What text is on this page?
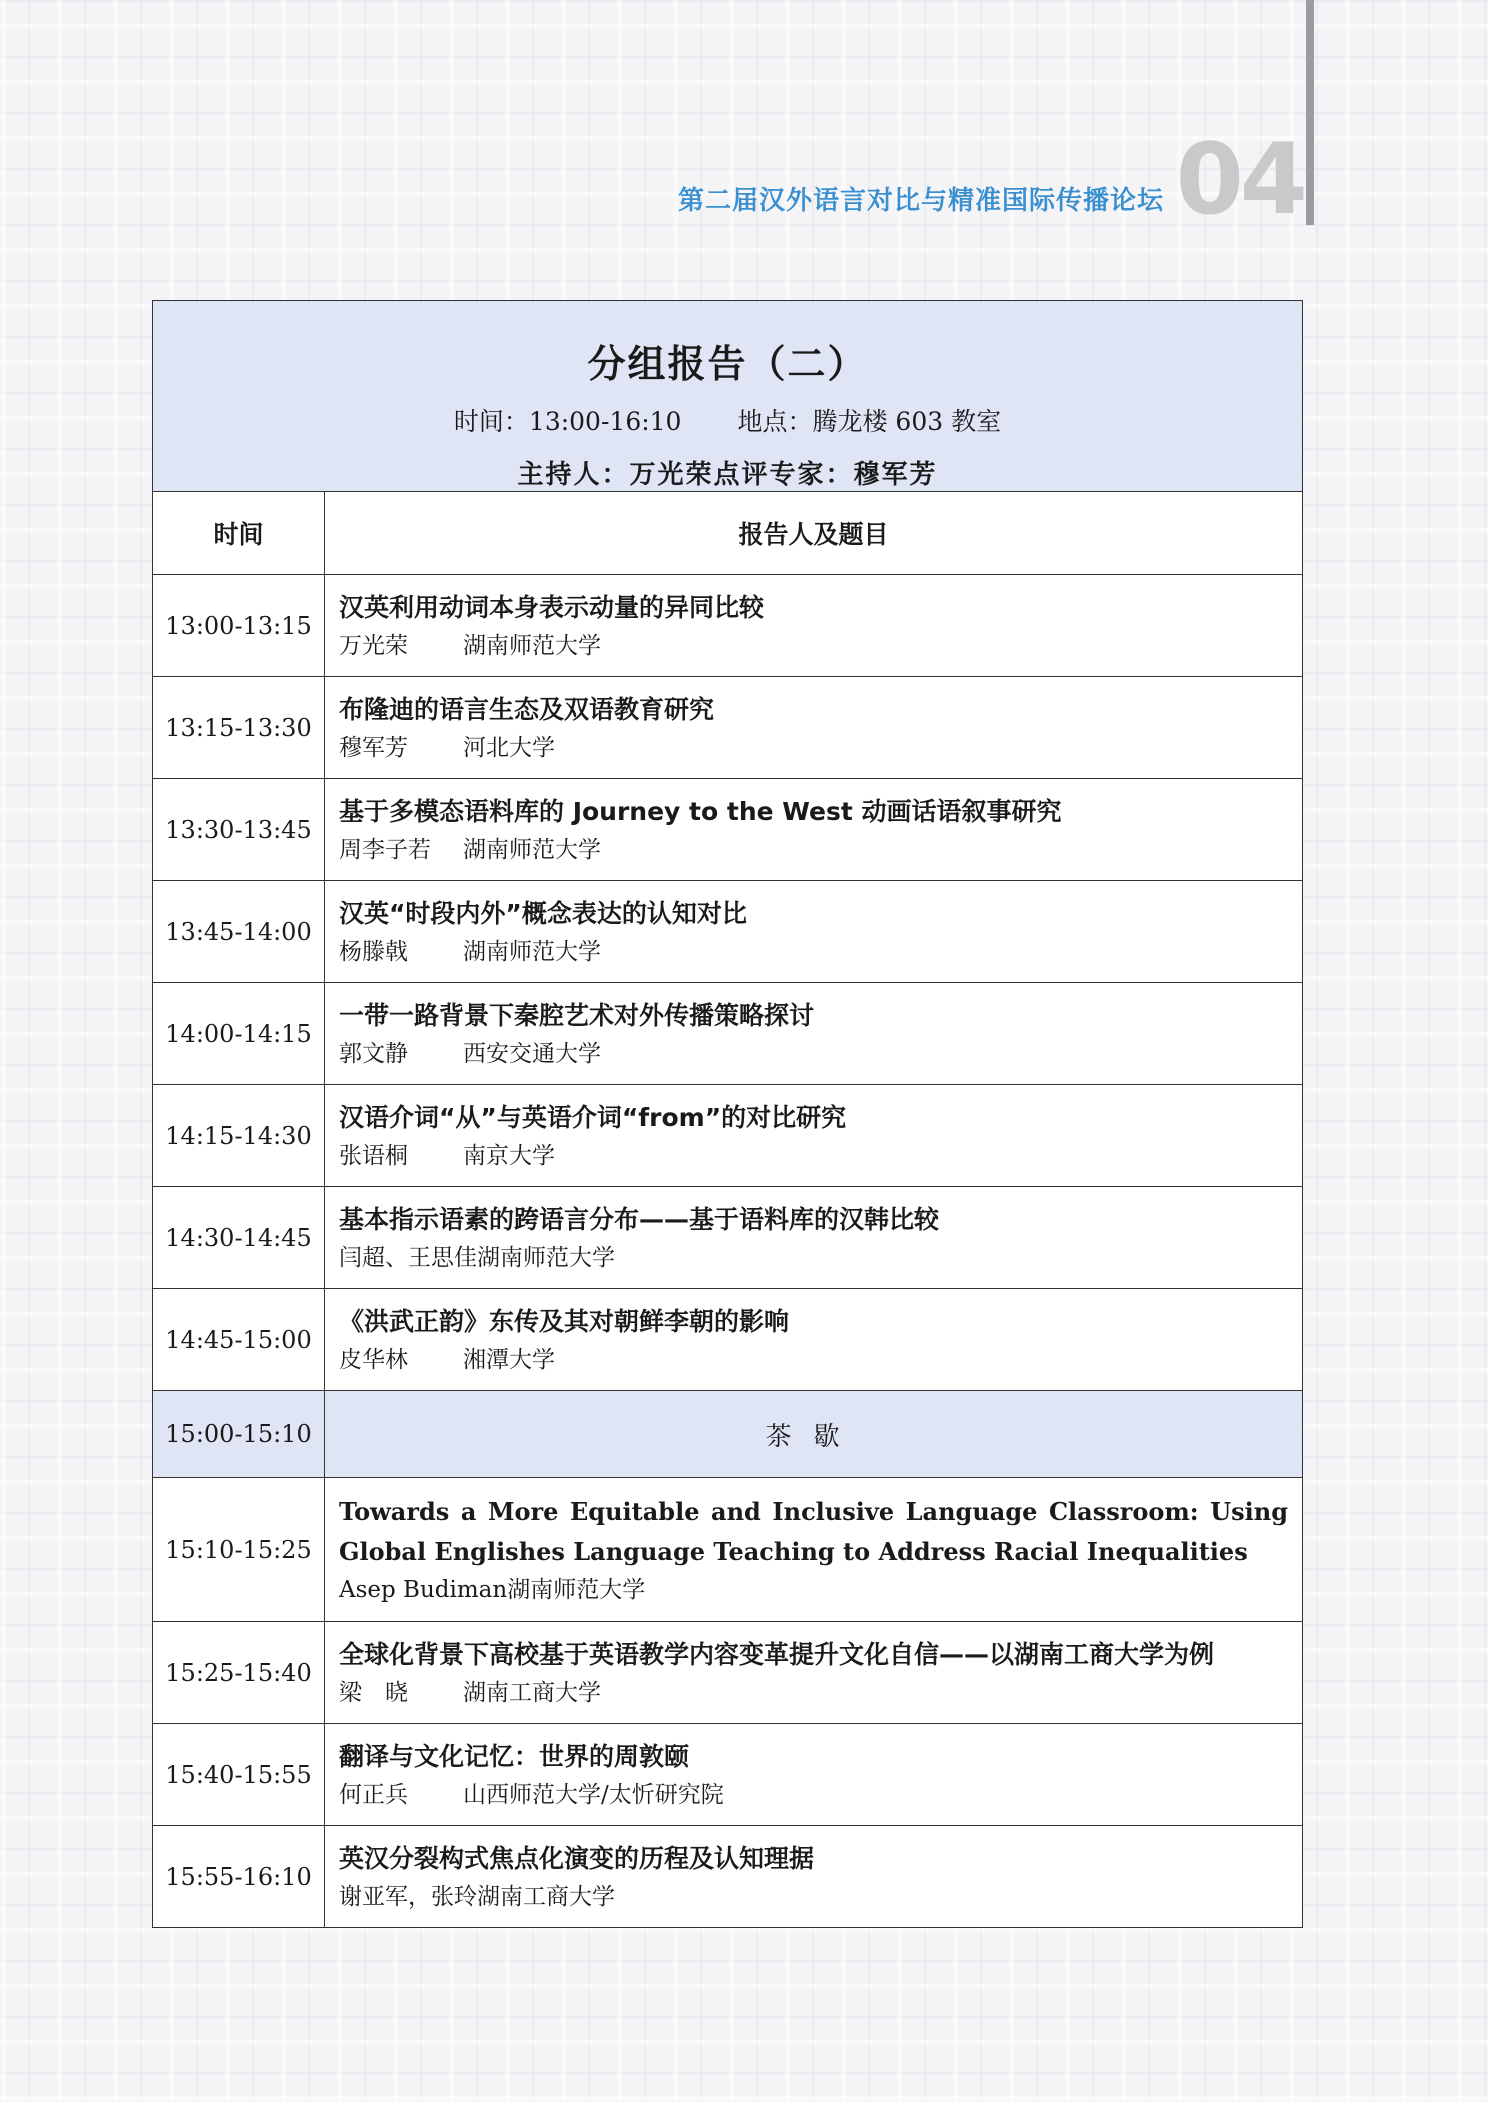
第二届汉外语言对比与精准国际传播论坛 04
分组报告（二）
时间：13:00-16:10 地点：腾龙楼 603 教室
主持人：万光荣点评专家：穆军芳	

时间	报告人及题目
13:00-13:15	汉英利用动词本身表示动量的异同比较
万光荣 湖南师范大学

13:15-13:30	布隆迪的语言生态及双语教育研究
穆军芳 河北大学

13:30-13:45	基于多模态语料库的 Journey to the West 动画话语叙事研究
周李子若 湖南师范大学

13:45-14:00	汉英“时段内外”概念表达的认知对比
杨滕戟 湖南师范大学

14:00-14:15	一带一路背景下秦腔艺术对外传播策略探讨
郭文静 西安交通大学

14:15-14:30	汉语介词“从”与英语介词“from”的对比研究
张语桐 南京大学

14:30-14:45	基本指示语素的跨语言分布——基于语料库的汉韩比较
闫超、王思佳湖南师范大学

14:45-15:00	《洪武正韵》东传及其对朝鲜李朝的影响
皮华林 湘潭大学

15:00-15:10	茶歇
15:10-15:25	Towards a More Equitable and Inclusive Language Classroom: Using Global Englishes Language Teaching to Address Racial Inequalities
Asep Budiman湖南师范大学

15:25-15:40	全球化背景下高校基于英语教学内容变革提升文化自信——以湖南工商大学为例
梁　晓 湖南工商大学

15:40-15:55	翻译与文化记忆：世界的周敦颐
何正兵 山西师范大学/太忻研究院

15:55-16:10	英汉分裂构式焦点化演变的历程及认知理据
谢亚军，张玲湖南工商大学
